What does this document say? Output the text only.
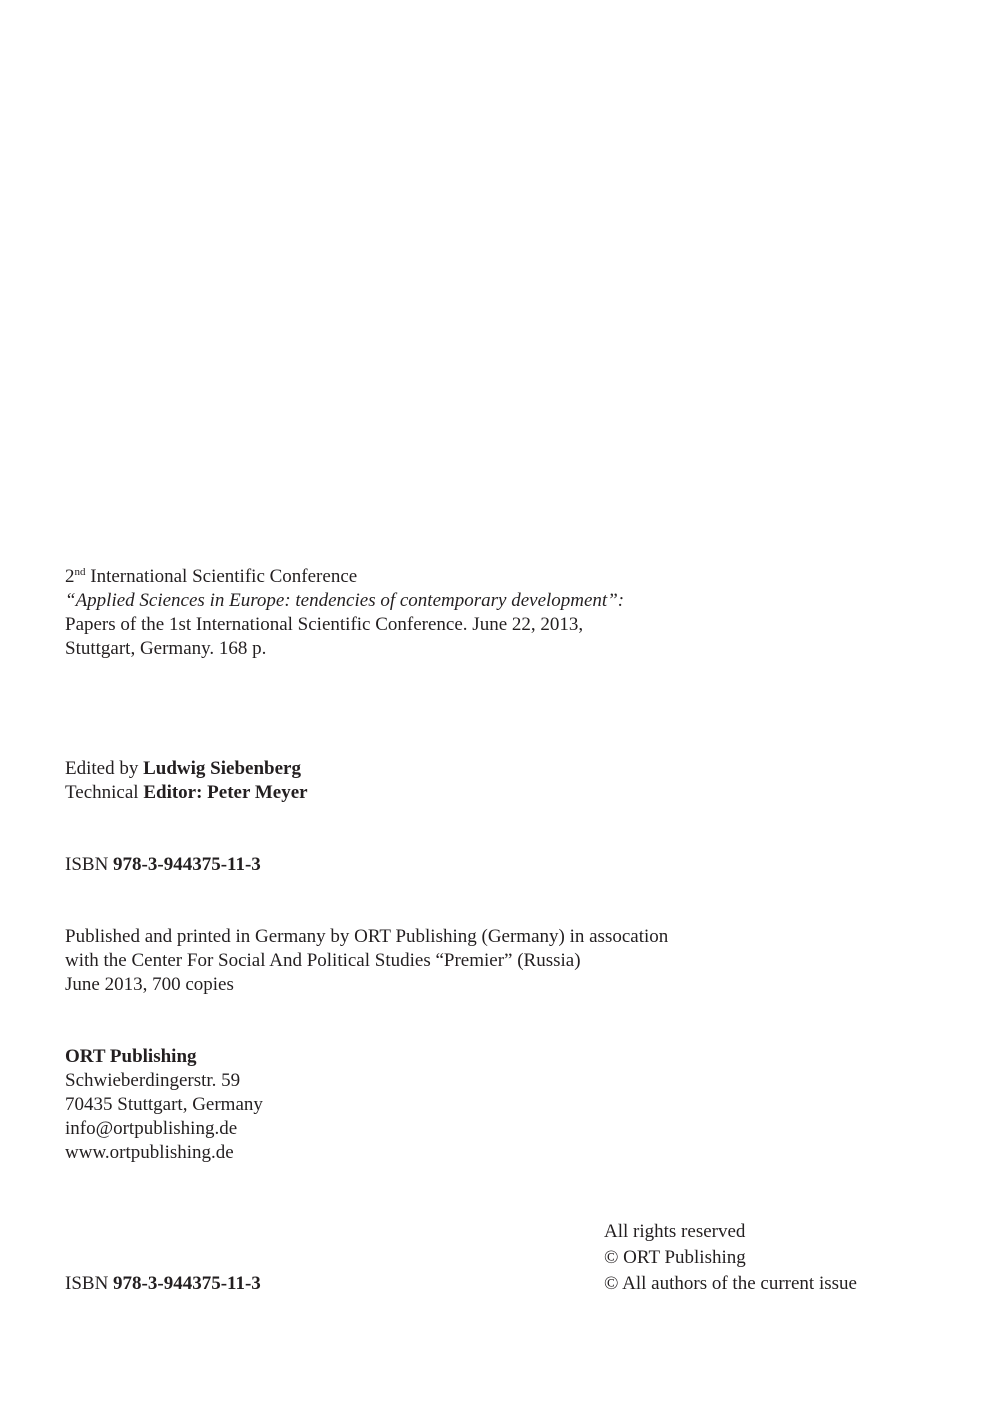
2nd International Scientific Conference
“Applied Sciences in Europe: tendencies of contemporary development”:
Papers of the 1st International Scientific Conference. June 22, 2013,
Stuttgart, Germany. 168 p.
Edited by Ludwig Siebenberg
Technical Editor: Peter Meyer
ISBN 978-3-944375-11-3
Published and printed in Germany by ORT Publishing (Germany) in assocation
with the Center For Social And Political Studies “Premier” (Russia)
June 2013, 700 copies
ORT Publishing
Schwieberdingerstr. 59
70435 Stuttgart, Germany
info@ortpublishing.de
www.ortpublishing.de
All rights reserved
© ORT Publishing
© All authors of the current issue
ISBN 978-3-944375-11-3
